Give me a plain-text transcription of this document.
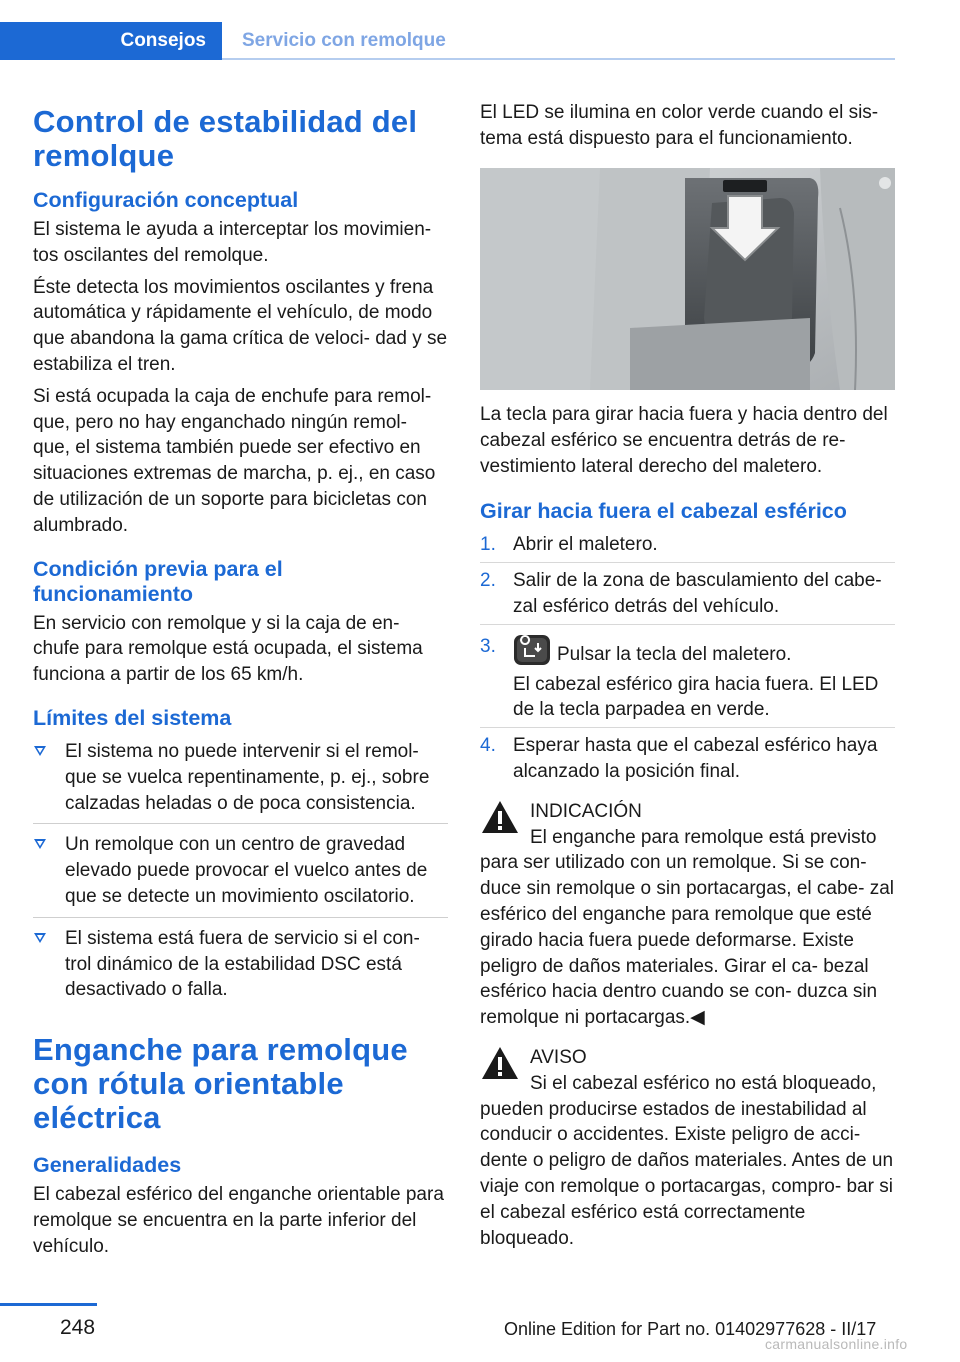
Consejos	Servicio con remolque
Control de estabilidad del remolque
Configuración conceptual

El sistema le ayuda a interceptar los movimien‐ tos oscilantes del remolque.

Éste detecta los movimientos oscilantes y frena automática y rápidamente el vehículo, de modo que abandona la gama crítica de veloci‐ dad y se estabiliza el tren.

Si está ocupada la caja de enchufe para remol‐ que, pero no hay enganchado ningún remol‐ que, el sistema también puede ser efectivo en situaciones extremas de marcha, p. ej., en caso de utilización de un soporte para bicicletas con alumbrado.

Condición previa para el funcionamiento

En servicio con remolque y si la caja de en‐ chufe para remolque está ocupada, el sistema funciona a partir de los 65 km/h.

Límites del sistema
El sistema no puede intervenir si el remol‐ que se vuelca repentinamente, p. ej., sobre calzadas heladas o de poca consistencia.
Un remolque con un centro de gravedad elevado puede provocar el vuelco antes de que se detecte un movimiento oscilatorio.
El sistema está fuera de servicio si el con‐ trol dinámico de la estabilidad DSC está desactivado o falla.
Enganche para remolque con rótula orientable eléctrica
Generalidades

El cabezal esférico del enganche orientable para remolque se encuentra en la parte inferior del vehículo.

El LED se ilumina en color verde cuando el sis‐ tema está dispuesto para el funcionamiento.

La tecla para girar hacia fuera y hacia dentro del cabezal esférico se encuentra detrás de re‐ vestimiento lateral derecho del maletero.

Girar hacia fuera el cabezal esférico
1. Abrir el maletero.
2. Salir de la zona de basculamiento del cabe‐ zal esférico detrás del vehículo.
3.	Pulsar la tecla del maletero.
El cabezal esférico gira hacia fuera. El LED de la tecla parpadea en verde.
4. Esperar hasta que el cabezal esférico haya alcanzado la posición final.
INDICACIÓN
El enganche para remolque está previsto para ser utilizado con un remolque. Si se con‐ duce sin remolque o sin portacargas, el cabe‐ zal esférico del enganche para remolque que esté girado hacia fuera puede deformarse. Existe peligro de daños materiales. Girar el ca‐ bezal esférico hacia dentro cuando se con‐ duzca sin remolque ni portacargas.◀
AVISO
Si el cabezal esférico no está bloqueado, pueden producirse estados de inestabilidad al conducir o accidentes. Existe peligro de acci‐ dente o peligro de daños materiales. Antes de un viaje con remolque o portacargas, compro‐ bar si el cabezal esférico está correctamente bloqueado.
248	Online Edition for Part no. 01402977628 - II/17
carmanualsonline.info
